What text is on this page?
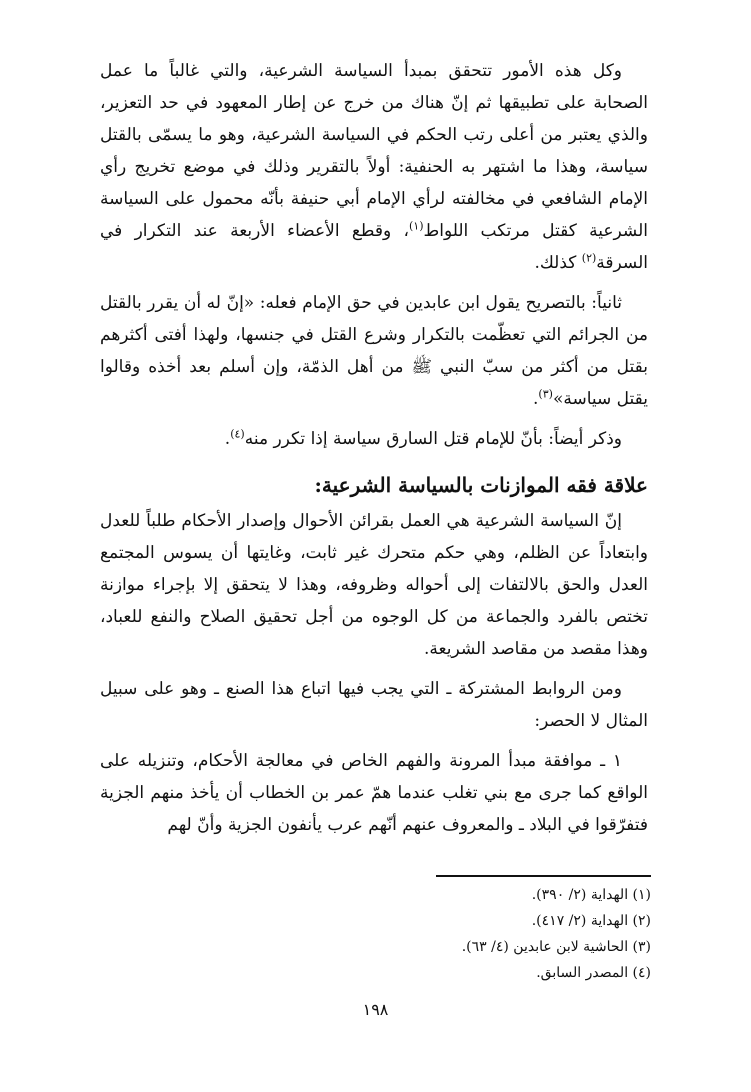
وكل هذه الأمور تتحقق بمبدأ السياسة الشرعية، والتي غالباً ما عمل الصحابة على تطبيقها ثم إنّ هناك من خرج عن إطار المعهود في حد التعزير، والذي يعتبر من أعلى رتب الحكم في السياسة الشرعية، وهو ما يسمّى بالقتل سياسة، وهذا ما اشتهر به الحنفية: أولاً بالتقرير وذلك في موضع تخريج رأي الإمام الشافعي في مخالفته لرأي الإمام أبي حنيفة بأنّه محمول على السياسة الشرعية كقتل مرتكب اللواط$^{(١)}$، وقطع الأعضاء الأربعة عند التكرار في السرقة$^{(٢)}$ كذلك.

ثانياً: بالتصريح يقول ابن عابدين في حق الإمام فعله: «إنّ له أن يقرر بالقتل من الجرائم التي تعظّمت بالتكرار وشرع القتل في جنسها، ولهذا أفتى أكثرهم بقتل من أكثر من سبّ النبي ﷺ من أهل الذمّة، وإن أسلم بعد أخذه وقالوا يقتل سياسة»$^{(٣)}$.

وذكر أيضاً: بأنّ للإمام قتل السارق سياسة إذا تكرر منه$^{(٤)}$.

علاقة فقه الموازنات بالسياسة الشرعية:

إنّ السياسة الشرعية هي العمل بقرائن الأحوال وإصدار الأحكام طلباً للعدل وابتعاداً عن الظلم، وهي حكم متحرك غير ثابت، وغايتها أن يسوس المجتمع العدل والحق بالالتفات إلى أحواله وظروفه، وهذا لا يتحقق إلا بإجراء موازنة تختص بالفرد والجماعة من كل الوجوه من أجل تحقيق الصلاح والنفع للعباد، وهذا مقصد من مقاصد الشريعة.

ومن الروابط المشتركة ـ التي يجب فيها اتباع هذا الصنع ـ وهو على سبيل المثال لا الحصر:

١ ـ موافقة مبدأ المرونة والفهم الخاص في معالجة الأحكام، وتنزيله على الواقع كما جرى مع بني تغلب عندما همّ عمر بن الخطاب أن يأخذ منهم الجزية فتفرّقوا في البلاد ـ والمعروف عنهم أنّهم عرب يأنفون الجزية وأنّ لهم

(١) الهداية (٢/ ٣٩٠).

(٢) الهداية (٢/ ٤١٧).

(٣) الحاشية لابن عابدين (٤/ ٦٣).

(٤) المصدر السابق.

١٩٨
